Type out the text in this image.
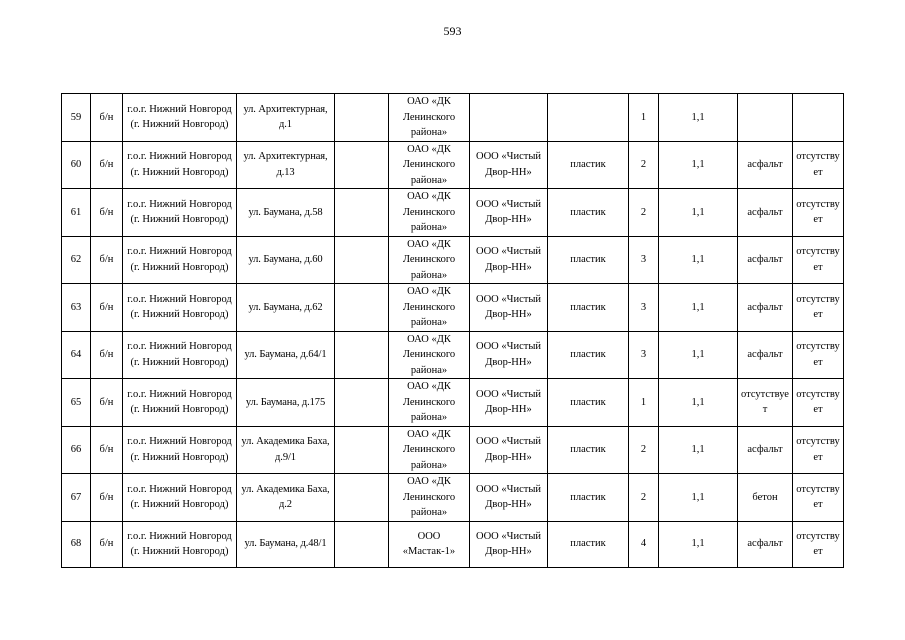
593
59	б/н	г.о.г. Нижний Новгород (г. Нижний Новгород)	ул. Архитектурная, д.1		ОАО «ДК Ленинского района»			1	1,1		
60	б/н	г.о.г. Нижний Новгород (г. Нижний Новгород)	ул. Архитектурная, д.13		ОАО «ДК Ленинского района»	ООО «Чистый Двор-НН»	пластик	2	1,1	асфальт	отсутствует
61	б/н	г.о.г. Нижний Новгород (г. Нижний Новгород)	ул. Баумана, д.58		ОАО «ДК Ленинского района»	ООО «Чистый Двор-НН»	пластик	2	1,1	асфальт	отсутствует
62	б/н	г.о.г. Нижний Новгород (г. Нижний Новгород)	ул. Баумана, д.60		ОАО «ДК Ленинского района»	ООО «Чистый Двор-НН»	пластик	3	1,1	асфальт	отсутствует
63	б/н	г.о.г. Нижний Новгород (г. Нижний Новгород)	ул. Баумана, д.62		ОАО «ДК Ленинского района»	ООО «Чистый Двор-НН»	пластик	3	1,1	асфальт	отсутствует
64	б/н	г.о.г. Нижний Новгород (г. Нижний Новгород)	ул. Баумана, д.64/1		ОАО «ДК Ленинского района»	ООО «Чистый Двор-НН»	пластик	3	1,1	асфальт	отсутствует
65	б/н	г.о.г. Нижний Новгород (г. Нижний Новгород)	ул. Баумана, д.175		ОАО «ДК Ленинского района»	ООО «Чистый Двор-НН»	пластик	1	1,1	отсутствует	отсутствует
66	б/н	г.о.г. Нижний Новгород (г. Нижний Новгород)	ул. Академика Баха, д.9/1		ОАО «ДК Ленинского района»	ООО «Чистый Двор-НН»	пластик	2	1,1	асфальт	отсутствует
67	б/н	г.о.г. Нижний Новгород (г. Нижний Новгород)	ул. Академика Баха, д.2		ОАО «ДК Ленинского района»	ООО «Чистый Двор-НН»	пластик	2	1,1	бетон	отсутствует
68	б/н	г.о.г. Нижний Новгород (г. Нижний Новгород)	ул. Баумана, д.48/1		ООО «Мастак-1»	ООО «Чистый Двор-НН»	пластик	4	1,1	асфальт	отсутствует
